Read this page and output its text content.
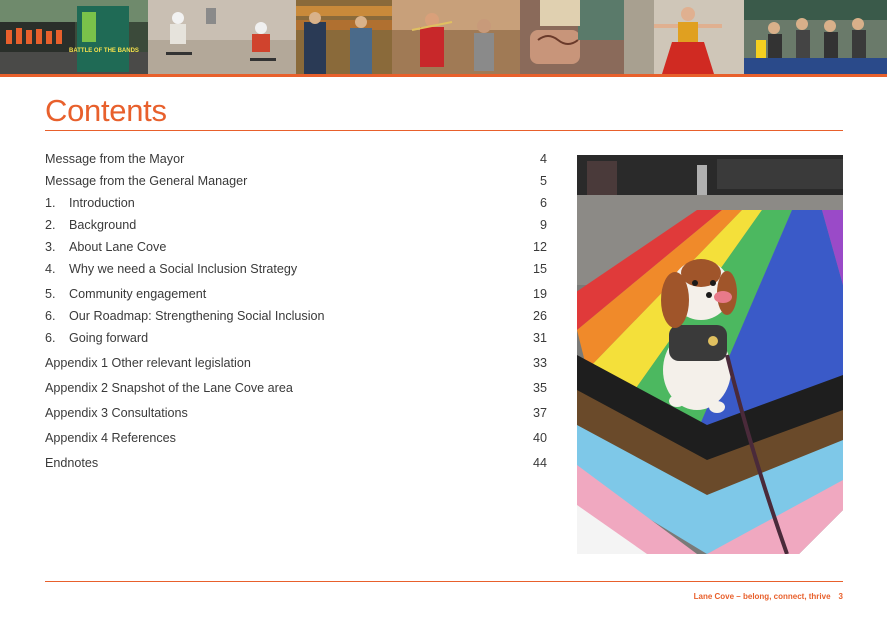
BATTLE OF THE BANDS
Contents
Message from the Mayor	4
Message from the General Manager	5
1.	Introduction	6
2.	Background	9
3.	About Lane Cove	12
4.	Why we need a Social Inclusion Strategy	15
5.	Community engagement	19
6.	Our Roadmap: Strengthening Social Inclusion	26
6.	Going forward	31
Appendix 1 Other relevant legislation	33
Appendix 2 Snapshot of the Lane Cove area	35
Appendix 3 Consultations	37
Appendix 4 References	40
Endnotes	44
Lane Cove – belong, connect, thrive 3
